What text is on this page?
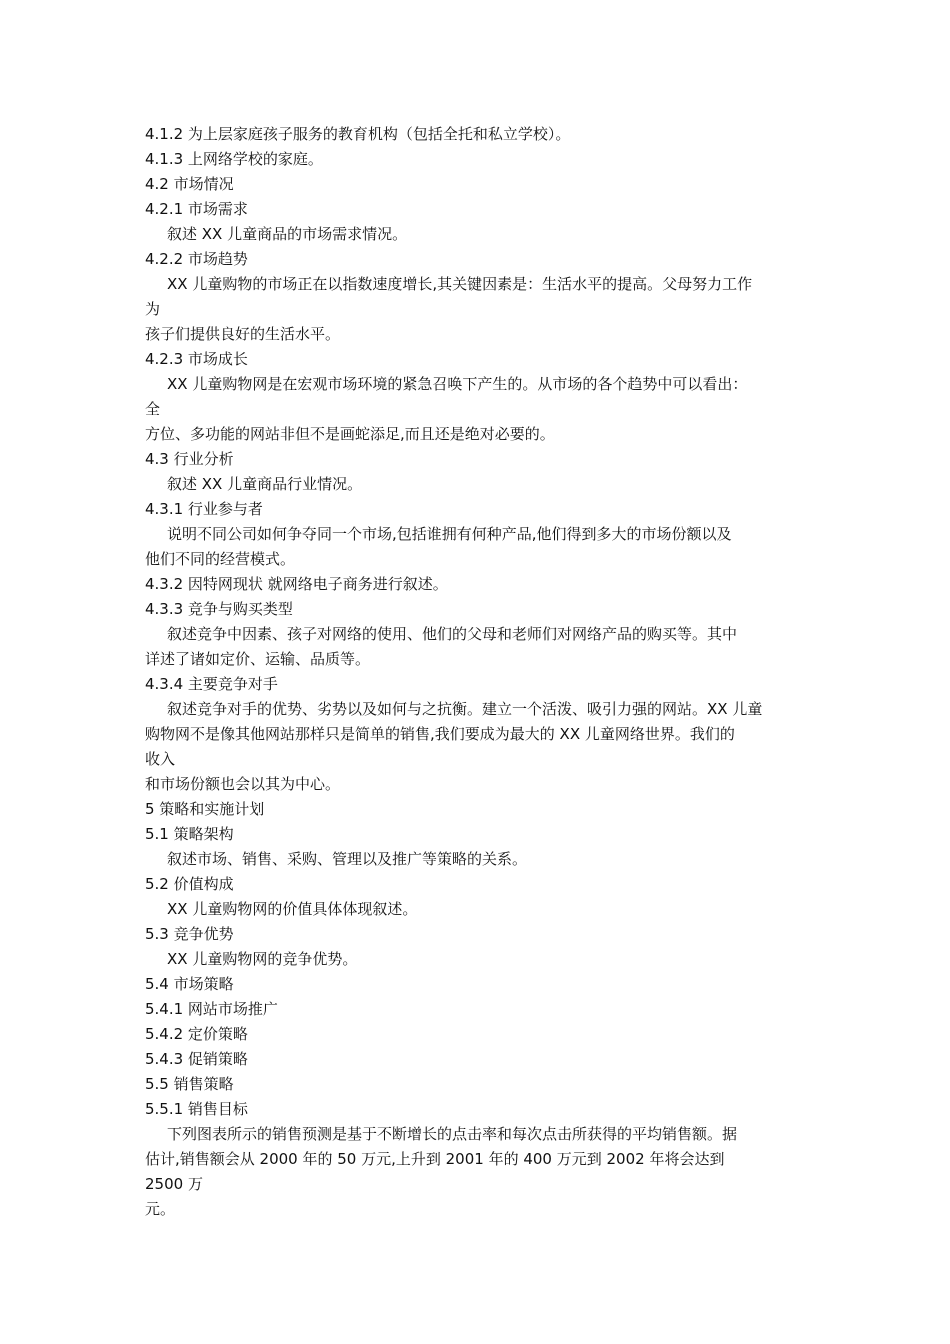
4.1.2 为上层家庭孩子服务的教育机构（包括全托和私立学校）。
4.1.3 上网络学校的家庭。
4.2 市场情况
4.2.1 市场需求
叙述 XX 儿童商品的市场需求情况。
4.2.2 市场趋势
XX 儿童购物的市场正在以指数速度增长,其关键因素是：生活水平的提高。父母努力工作
为
孩子们提供良好的生活水平。
4.2.3 市场成长
XX 儿童购物网是在宏观市场环境的紧急召唤下产生的。从市场的各个趋势中可以看出：
全
方位、多功能的网站非但不是画蛇添足,而且还是绝对必要的。
4.3 行业分析
叙述 XX 儿童商品行业情况。
4.3.1 行业参与者
说明不同公司如何争夺同一个市场,包括谁拥有何种产品,他们得到多大的市场份额以及
他们不同的经营模式。
4.3.2 因特网现状 就网络电子商务进行叙述。
4.3.3 竞争与购买类型
叙述竞争中因素、孩子对网络的使用、他们的父母和老师们对网络产品的购买等。其中
详述了诸如定价、运输、品质等。
4.3.4 主要竞争对手
叙述竞争对手的优势、劣势以及如何与之抗衡。建立一个活泼、吸引力强的网站。XX 儿童
购物网不是像其他网站那样只是简单的销售,我们要成为最大的 XX 儿童网络世界。我们的
收入
和市场份额也会以其为中心。
5 策略和实施计划
5.1 策略架构
叙述市场、销售、采购、管理以及推广等策略的关系。
5.2 价值构成
XX 儿童购物网的价值具体体现叙述。
5.3 竞争优势
XX 儿童购物网的竞争优势。
5.4 市场策略
5.4.1 网站市场推广
5.4.2 定价策略
5.4.3 促销策略
5.5 销售策略
5.5.1 销售目标
下列图表所示的销售预测是基于不断增长的点击率和每次点击所获得的平均销售额。据
估计,销售额会从 2000 年的 50 万元,上升到 2001 年的 400 万元到 2002 年将会达到
2500 万
元。
